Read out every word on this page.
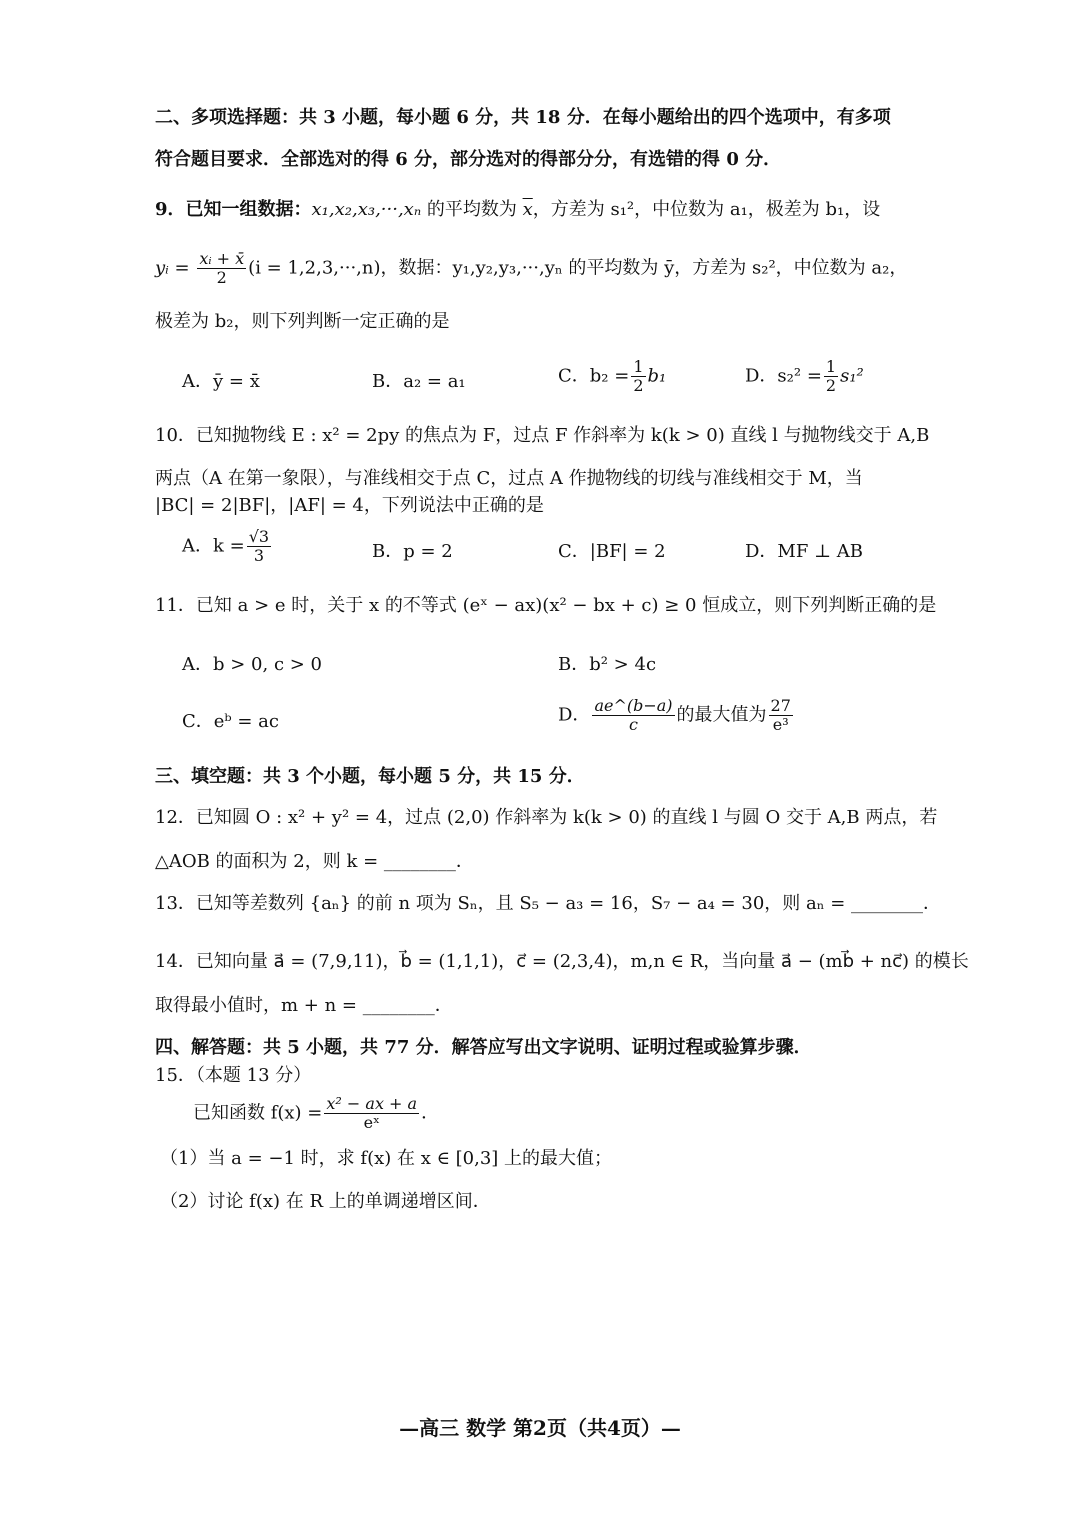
二、多项选择题：共 3 小题，每小题 6 分，共 18 分．在每小题给出的四个选项中，有多项
符合题目要求．全部选对的得 6 分，部分选对的得部分分，有选错的得 0 分．
9．已知一组数据：x₁,x₂,x₃,···,xₙ 的平均数为 $\overline{x}$，方差为 s₁²，中位数为 a₁，极差为 b₁，设
yᵢ = $\frac{\text{xᵢ + x̄}}{2} (i = 1,2,3,\cdot\cdot\cdot,n)$，数据：y₁,y₂,y₃,···,yₙ 的平均数为 ȳ，方差为 s₂²，中位数为 a₂，
极差为 b₂，则下列判断一定正确的是
A．ȳ = x̄	B．a₂ = a₁	C．$b_2 = \frac{1}{2} b_1$	D．$s_2^2 = \frac{1}{2} s_1^2$
10．已知抛物线 E : x² = 2py 的焦点为 F，过点 F 作斜率为 k(k > 0) 直线 l 与抛物线交于 A,B
两点（A 在第一象限），与准线相交于点 C，过点 A 作抛物线的切线与准线相交于 M，当
|BC| = 2|BF|，|AF| = 4，下列说法中正确的是
A．$k = \frac{√3}{3}$	B．p = 2	C．|BF| = 2	D．MF ⊥ AB
11．已知 a > e 时，关于 x 的不等式 (eˣ − ax)(x² − bx + c) ≥ 0 恒成立，则下列判断正确的是
A．b > 0, c > 0	B．b² > 4c
C．eᵇ = ac	D． $\frac{ae\^{}(b-a)}{c}$ 的最大值为 $\frac{27}{\text{e³}}$
三、填空题：共 3 个小题，每小题 5 分，共 15 分．
12．已知圆 O : x² + y² = 4，过点 (2,0) 作斜率为 k(k > 0) 的直线 l 与圆 O 交于 A,B 两点，若
△AOB 的面积为 2，则 k = ________．
13．已知等差数列 {aₙ} 的前 n 项为 Sₙ，且 S₅ − a₃ = 16，S₇ − a₄ = 30，则 aₙ = ________．
14．已知向量 a⃗ = (7,9,11)，b⃗ = (1,1,1)，c⃗ = (2,3,4)，m,n ∈ R，当向量 a⃗ − (mb⃗ + nc⃗) 的模长
取得最小值时，m + n = ________．
四、解答题：共 5 小题，共 77 分．解答应写出文字说明、证明过程或验算步骤．
15．（本题 13 分）
已知函数 $f(x) = \frac{\text{x² − ax + a}}{\text{eˣ}}$ ．
（1）当 a = −1 时，求 f(x) 在 x ∈ [0,3] 上的最大值；
（2）讨论 f(x) 在 R 上的单调递增区间．
—高三 数学 第2页（共4页）—
